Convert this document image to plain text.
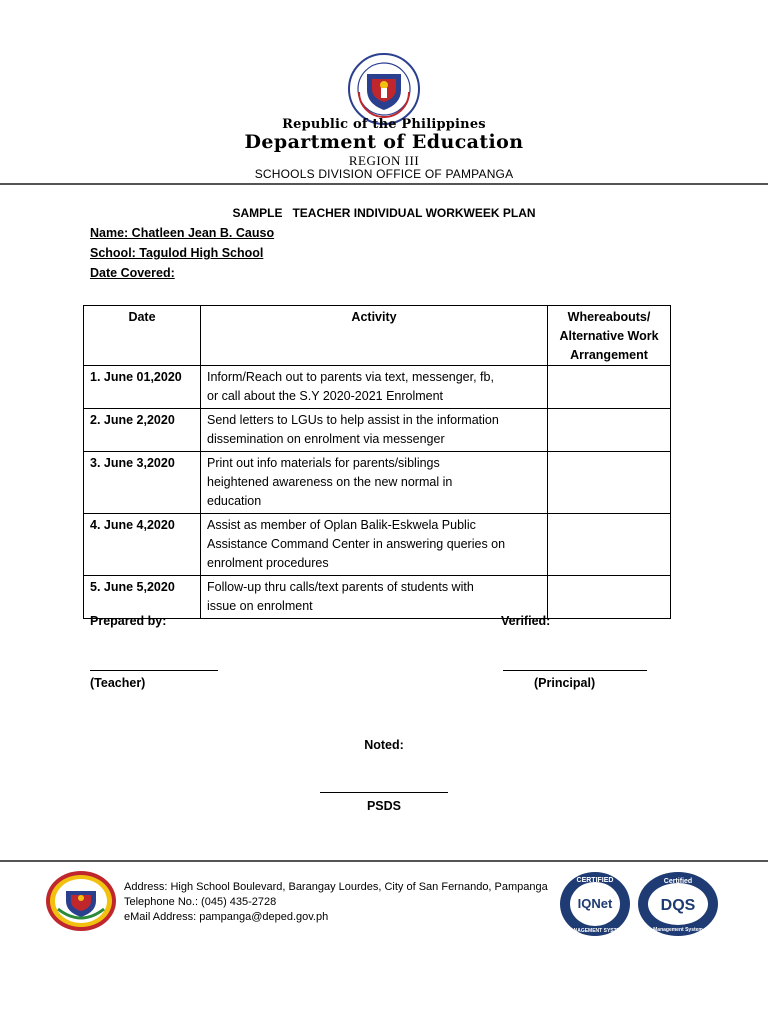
Republic of the Philippines
Department of Education
REGION III
SCHOOLS DIVISION OFFICE OF PAMPANGA
SAMPLE   TEACHER INDIVIDUAL WORKWEEK PLAN
Name: Chatleen Jean B. Causo
School: Tagulod High School
Date Covered:
Date	Activity	Whereabouts/
Alternative Work
Arrangement

1. June 01,2020	Inform/Reach out to parents via text, messenger, fb,
or call about the S.Y 2020-2021 Enrolment	

2. June 2,2020	Send letters to LGUs to help assist in the information
dissemination on enrolment via messenger	

3. June 3,2020	Print out info materials for parents/siblings
heightened awareness on the new normal in
education	

4. June 4,2020	Assist as member of Oplan Balik-Eskwela Public
Assistance Command Center in answering queries on
enrolment procedures	

5. June 5,2020	Follow-up thru calls/text parents of students with
issue on enrolment	

Prepared by:	Verified:
(Teacher)	(Principal)
Noted:
PSDS
Address: High School Boulevard, Barangay Lourdes, City of San Fernando, Pampanga
Telephone No.: (045) 435-2728
eMail Address: pampanga@deped.gov.ph
CERTIFIED
IQNet
MANAGEMENT SYSTEM
Certified
DQS
Management System
